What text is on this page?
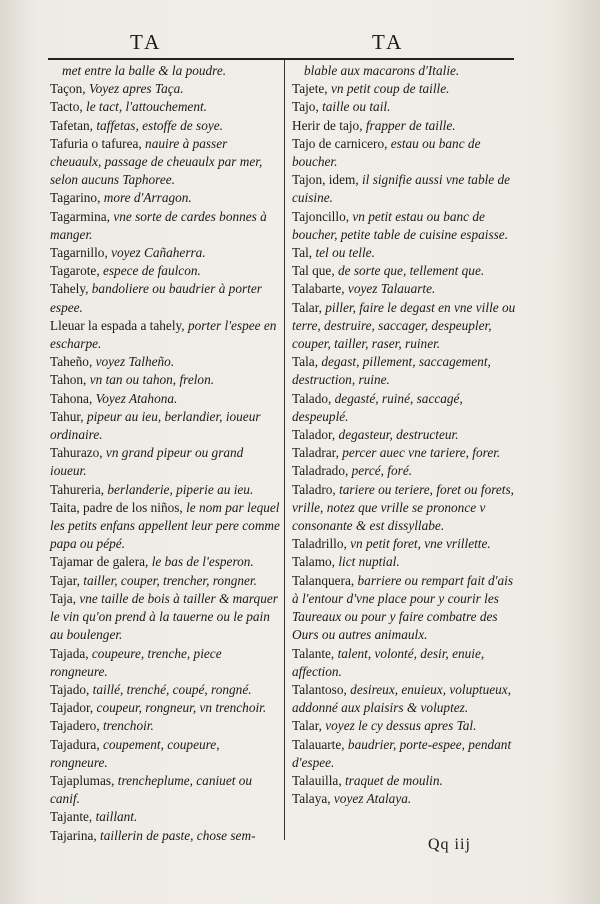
TA	TA

met entre la balle & la poudre.

Taçon, Voyez apres Taça.

Tacto, le tact, l'attouchement.

Tafetan, taffetas, estoffe de soye.

Tafuria o tafurea, nauire à passer cheuaulx, passage de cheuaulx par mer, selon aucuns Taphoree.

Tagarino, more d'Arragon.

Tagarmina, vne sorte de cardes bonnes à manger.

Tagarnillo, voyez Cañaherra.

Tagarote, espece de faulcon.

Tahely, bandoliere ou baudrier à porter espee.

Lleuar la espada a tahely, porter l'espee en escharpe.

Taheño, voyez Talheño.

Tahon, vn tan ou tahon, frelon.

Tahona, Voyez Atahona.

Tahur, pipeur au ieu, berlandier, ioueur ordinaire.

Tahurazo, vn grand pipeur ou grand ioueur.

Tahureria, berlanderie, piperie au ieu.

Taita, padre de los niños, le nom par lequel les petits enfans appellent leur pere comme papa ou pépé.

Tajamar de galera, le bas de l'esperon.

Tajar, tailler, couper, trencher, rongner.

Taja, vne taille de bois à tailler & marquer le vin qu'on prend à la tauerne ou le pain au boulenger.

Tajada, coupeure, trenche, piece rongneure.

Tajado, taillé, trenché, coupé, rongné.

Tajador, coupeur, rongneur, vn trenchoir.

Tajadero, trenchoir.

Tajadura, coupement, coupeure, rongneure.

Tajaplumas, trencheplume, caniuet ou canif.

Tajante, taillant.

Tajarina, taillerin de paste, chose sem-

blable aux macarons d'Italie.

Tajete, vn petit coup de taille.

Tajo, taille ou tail.

Herir de tajo, frapper de taille.

Tajo de carnicero, estau ou banc de boucher.

Tajon, idem, il signifie aussi vne table de cuisine.

Tajoncillo, vn petit estau ou banc de boucher, petite table de cuisine espaisse.

Tal, tel ou telle.

Tal que, de sorte que, tellement que.

Talabarte, voyez Talauarte.

Talar, piller, faire le degast en vne ville ou terre, destruire, saccager, despeupler, couper, tailler, raser, ruiner.

Tala, degast, pillement, saccagement, destruction, ruine.

Talado, degasté, ruiné, saccagé, despeuplé.

Talador, degasteur, destructeur.

Taladrar, percer auec vne tariere, forer.

Taladrado, percé, foré.

Taladro, tariere ou teriere, foret ou forets, vrille, notez que vrille se prononce v consonante & est dissyllabe.

Taladrillo, vn petit foret, vne vrillette.

Talamo, lict nuptial.

Talanquera, barriere ou rempart fait d'ais à l'entour d'vne place pour y courir les Taureaux ou pour y faire combatre des Ours ou autres animaulx.

Talante, talent, volonté, desir, enuie, affection.

Talantoso, desireux, enuieux, voluptueux, addonné aux plaisirs & voluptez.

Talar, voyez le cy dessus apres Tal.

Talauarte, baudrier, porte-espee, pendant d'espee.

Talauilla, traquet de moulin.

Talaya, voyez Atalaya.

Qq iij
